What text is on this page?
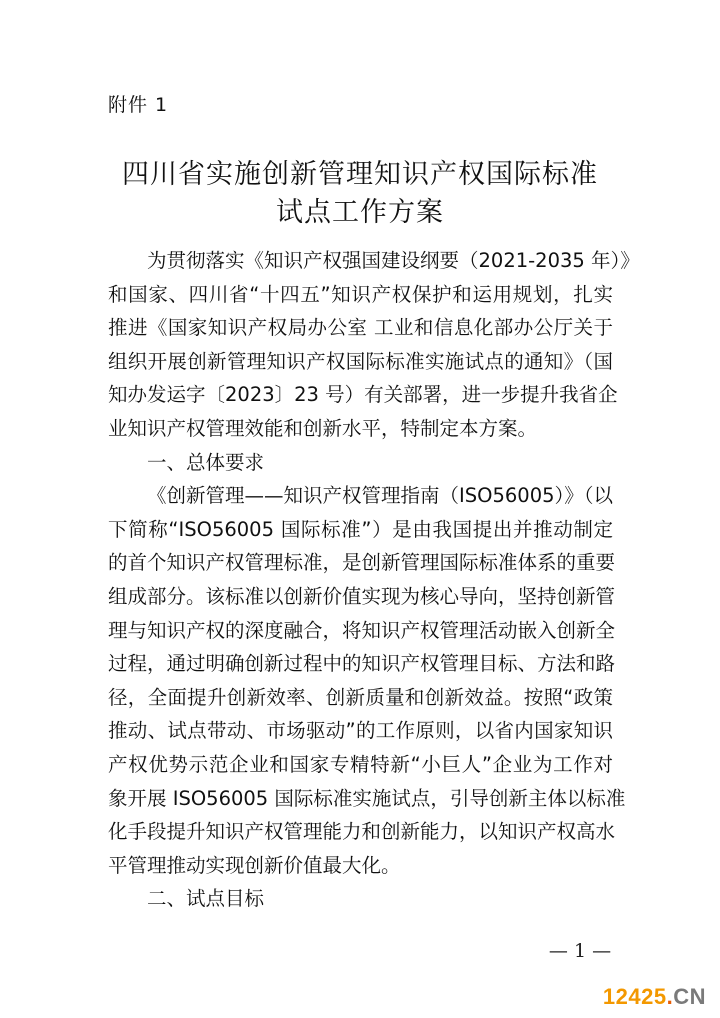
附件 1
四川省实施创新管理知识产权国际标准
试点工作方案
为贯彻落实《知识产权强国建设纲要（2021-2035 年）》
和国家、四川省“十四五”知识产权保护和运用规划，扎实
推进《国家知识产权局办公室 工业和信息化部办公厅关于
组织开展创新管理知识产权国际标准实施试点的通知》（国
知办发运字〔2023〕23 号）有关部署，进一步提升我省企
业知识产权管理效能和创新水平，特制定本方案。
一、总体要求
《创新管理——知识产权管理指南（ISO56005）》（以
下简称“ISO56005 国际标准”）是由我国提出并推动制定
的首个知识产权管理标准，是创新管理国际标准体系的重要
组成部分。该标准以创新价值实现为核心导向，坚持创新管
理与知识产权的深度融合，将知识产权管理活动嵌入创新全
过程，通过明确创新过程中的知识产权管理目标、方法和路
径，全面提升创新效率、创新质量和创新效益。按照“政策
推动、试点带动、市场驱动”的工作原则，以省内国家知识
产权优势示范企业和国家专精特新“小巨人”企业为工作对
象开展 ISO56005 国际标准实施试点，引导创新主体以标准
化手段提升知识产权管理能力和创新能力，以知识产权高水
平管理推动实现创新价值最大化。
二、试点目标
— 1 —
12425.CN
